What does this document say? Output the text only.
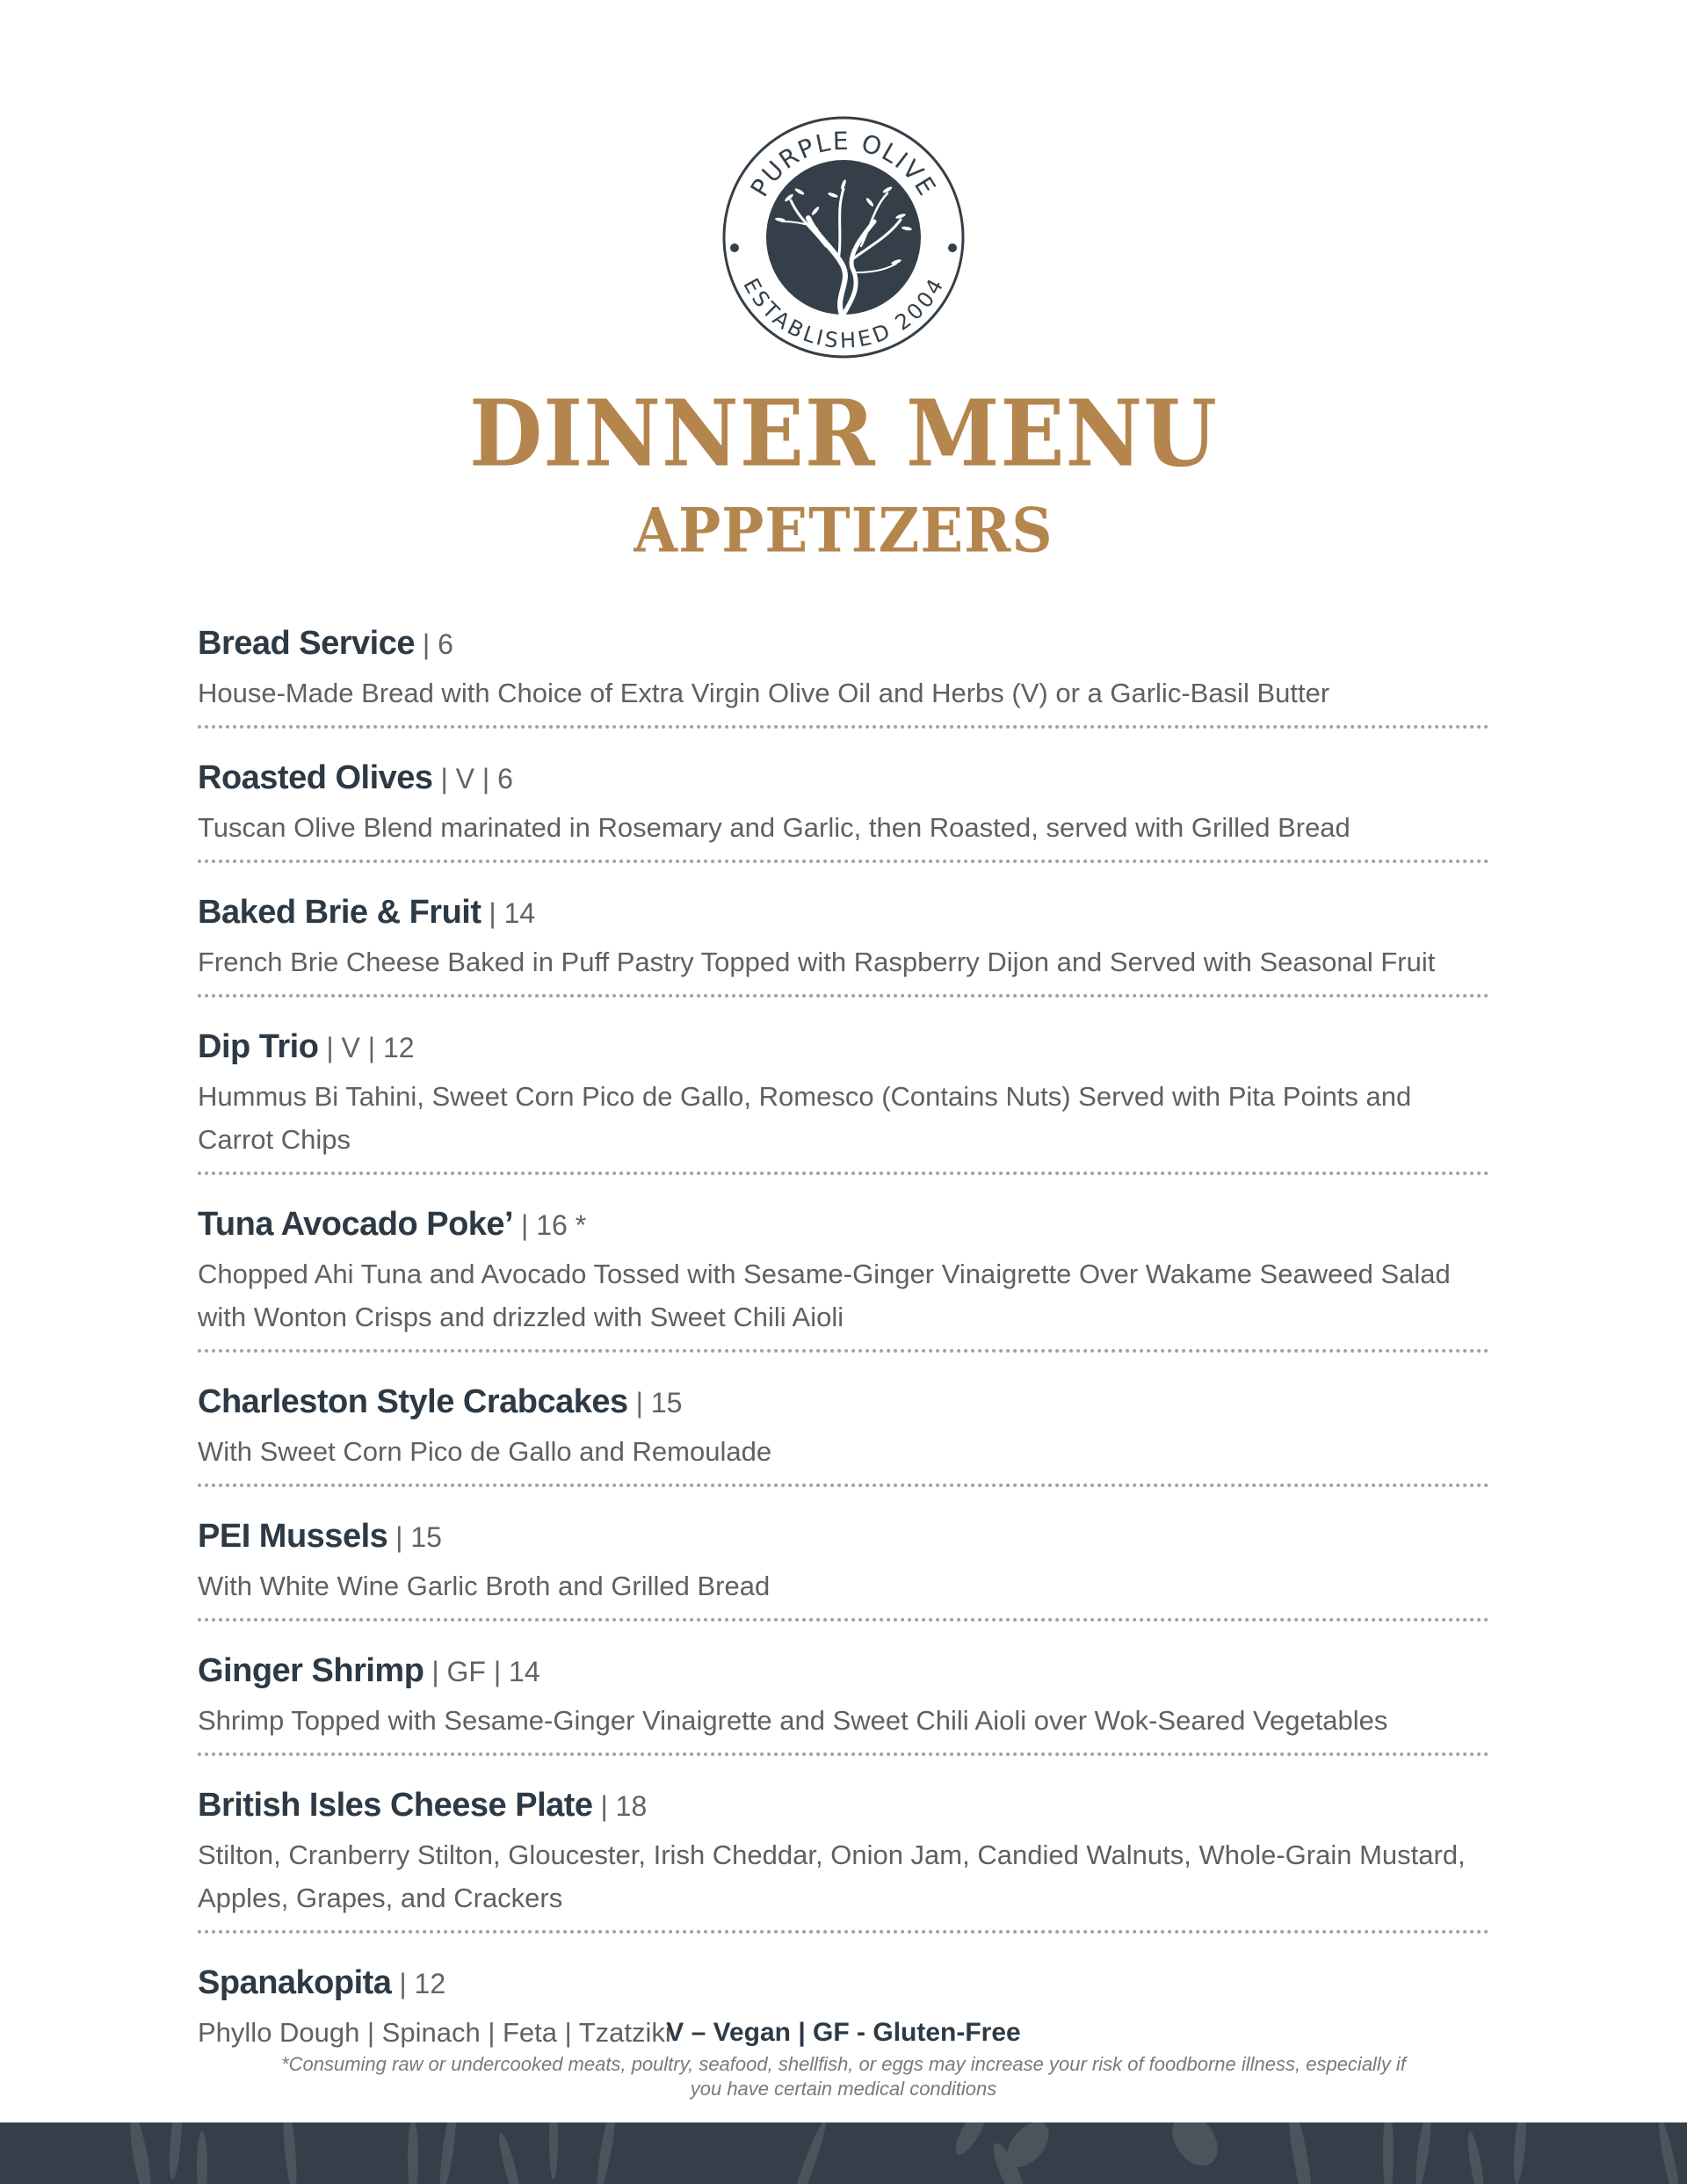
PURPLE OLIVE
ESTABLISHED 2004
DINNER MENU
APPETIZERS
Bread Service | 6
House-Made Bread with Choice of Extra Virgin Olive Oil and Herbs (V) or a Garlic-Basil Butter
Roasted Olives | V | 6
Tuscan Olive Blend marinated in Rosemary and Garlic, then Roasted, served with Grilled Bread
Baked Brie & Fruit | 14
French Brie Cheese Baked in Puff Pastry Topped with Raspberry Dijon and Served with Seasonal Fruit
Dip Trio | V | 12
Hummus Bi Tahini, Sweet Corn Pico de Gallo, Romesco (Contains Nuts) Served with Pita Points and Carrot Chips
Tuna Avocado Poke’ | 16 *
Chopped Ahi Tuna and Avocado Tossed with Sesame-Ginger Vinaigrette Over Wakame Seaweed Salad with Wonton Crisps and drizzled with Sweet Chili Aioli
Charleston Style Crabcakes | 15
With Sweet Corn Pico de Gallo and Remoulade
PEI Mussels | 15
With White Wine Garlic Broth and Grilled Bread
Ginger Shrimp | GF | 14
Shrimp Topped with Sesame-Ginger Vinaigrette and Sweet Chili Aioli over Wok-Seared Vegetables
British Isles Cheese Plate | 18
Stilton, Cranberry Stilton, Gloucester, Irish Cheddar, Onion Jam, Candied Walnuts, Whole-Grain Mustard, Apples, Grapes, and Crackers
Spanakopita | 12
Phyllo Dough | Spinach | Feta | Tzatziki
V – Vegan | GF - Gluten-Free
*Consuming raw or undercooked meats, poultry, seafood, shellfish, or eggs may increase your risk of foodborne illness, especially if you have certain medical conditions
